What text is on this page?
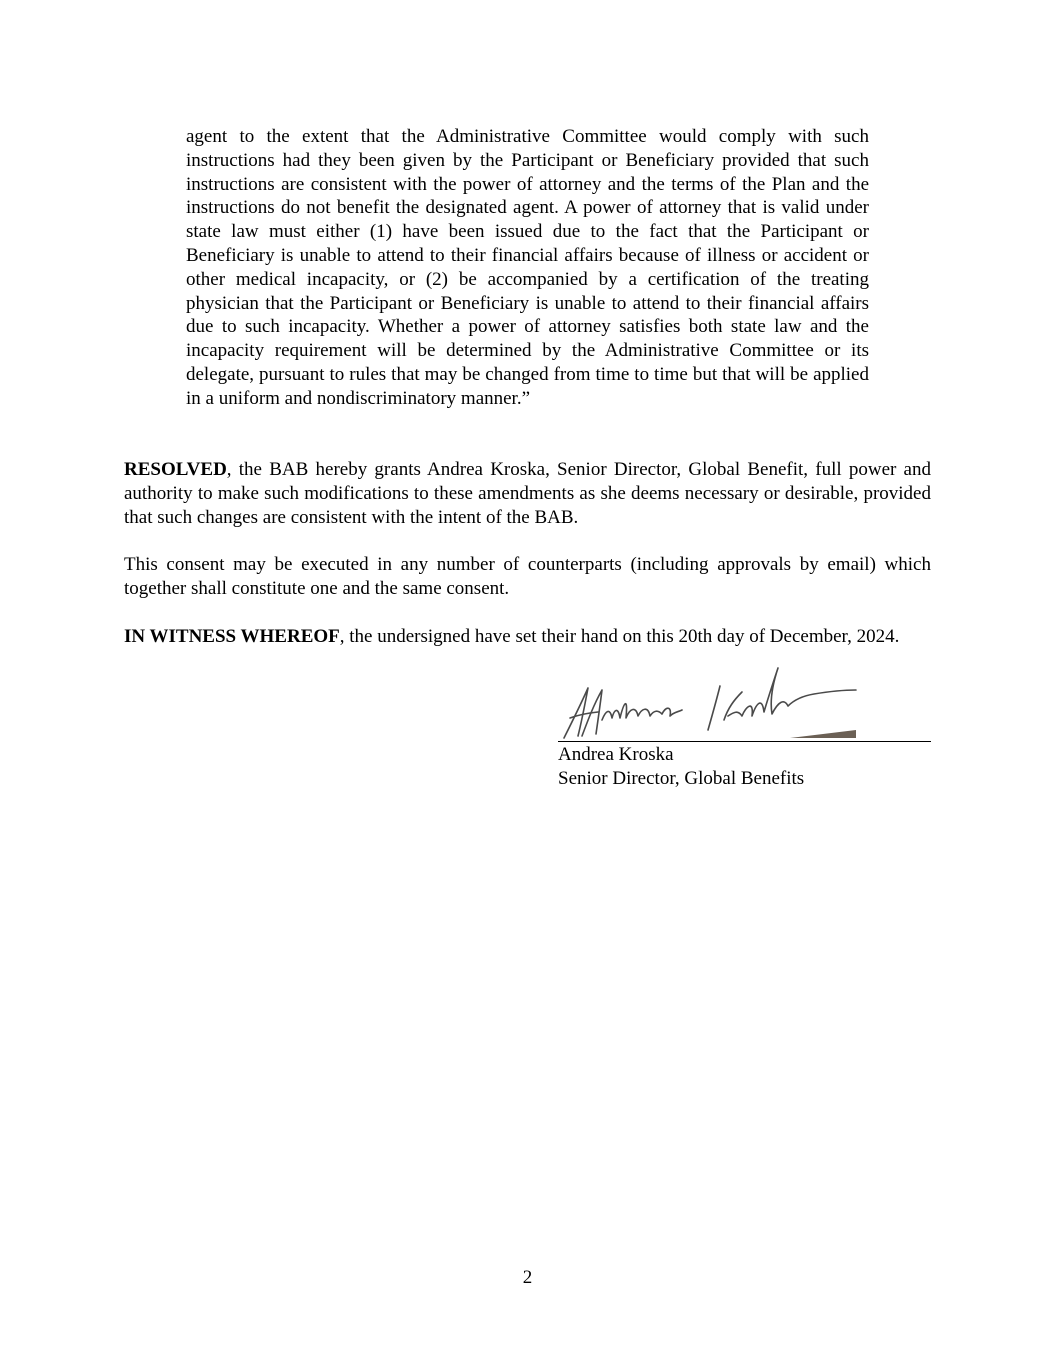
agent to the extent that the Administrative Committee would comply with such instructions had they been given by the Participant or Beneficiary provided that such instructions are consistent with the power of attorney and the terms of the Plan and the instructions do not benefit the designated agent. A power of attorney that is valid under state law must either (1) have been issued due to the fact that the Participant or Beneficiary is unable to attend to their financial affairs because of illness or accident or other medical incapacity, or (2) be accompanied by a certification of the treating physician that the Participant or Beneficiary is unable to attend to their financial affairs due to such incapacity. Whether a power of attorney satisfies both state law and the incapacity requirement will be determined by the Administrative Committee or its delegate, pursuant to rules that may be changed from time to time but that will be applied in a uniform and nondiscriminatory manner.”

RESOLVED, the BAB hereby grants Andrea Kroska, Senior Director, Global Benefit, full power and authority to make such modifications to these amendments as she deems necessary or desirable, provided that such changes are consistent with the intent of the BAB.

This consent may be executed in any number of counterparts (including approvals by email) which together shall constitute one and the same consent.

IN WITNESS WHEREOF, the undersigned have set their hand on this 20th day of December, 2024.

Andrea Kroska

Senior Director, Global Benefits

2
